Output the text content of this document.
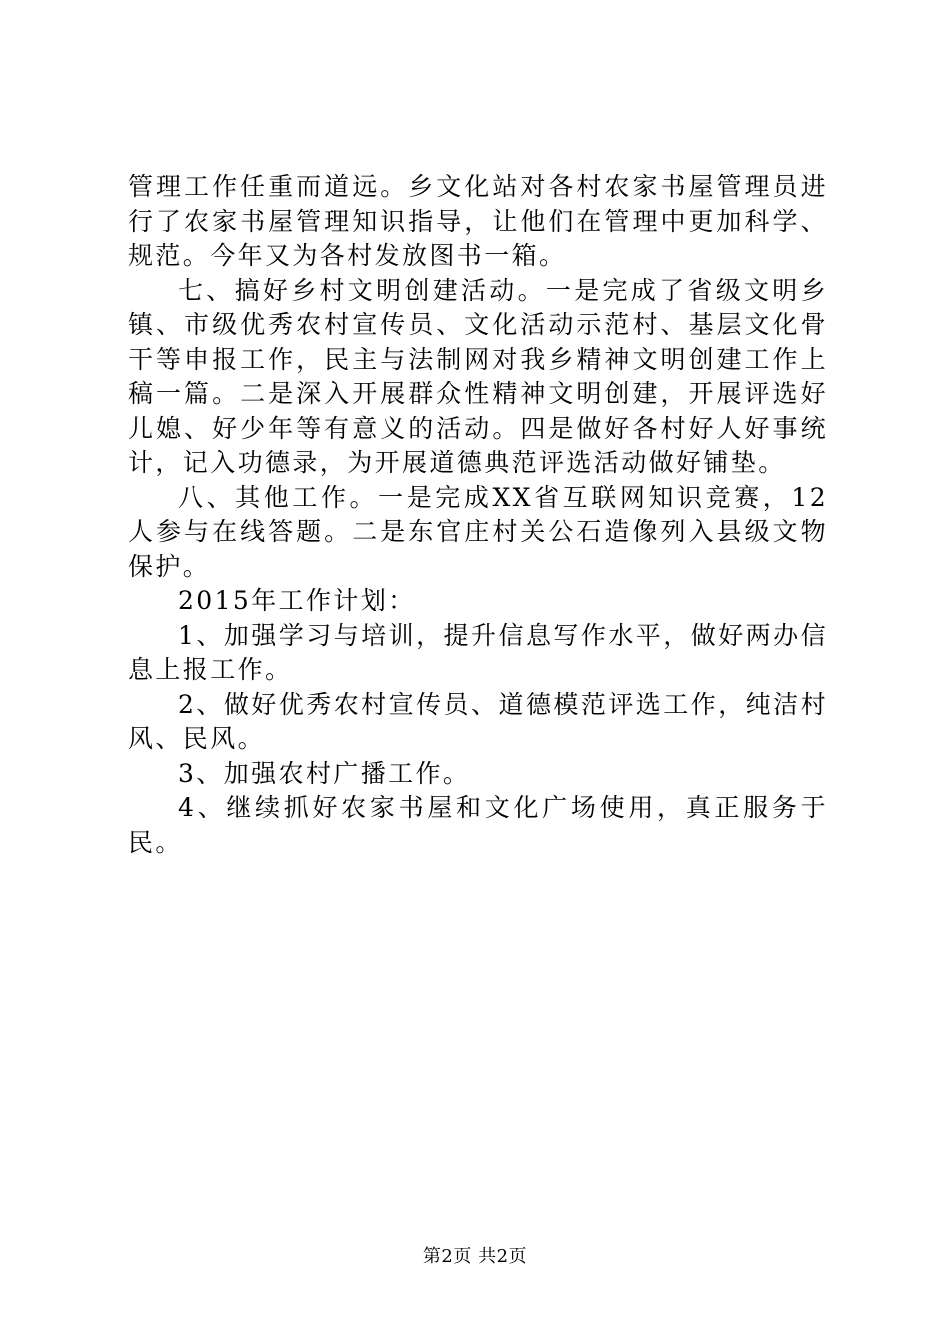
管理工作任重而道远。乡文化站对各村农家书屋管理员进行了农家书屋管理知识指导，让他们在管理中更加科学、规范。今年又为各村发放图书一箱。

七、搞好乡村文明创建活动。一是完成了省级文明乡镇、市级优秀农村宣传员、文化活动示范村、基层文化骨干等申报工作，民主与法制网对我乡精神文明创建工作上稿一篇。二是深入开展群众性精神文明创建，开展评选好儿媳、好少年等有意义的活动。四是做好各村好人好事统计，记入功德录，为开展道德典范评选活动做好铺垫。

八、其他工作。一是完成XX省互联网知识竞赛，12人参与在线答题。二是东官庄村关公石造像列入县级文物保护。

2015年工作计划：

1、加强学习与培训，提升信息写作水平，做好两办信息上报工作。

2、做好优秀农村宣传员、道德模范评选工作，纯洁村风、民风。

3、加强农村广播工作。

4、继续抓好农家书屋和文化广场使用，真正服务于民。

第2页 共2页
